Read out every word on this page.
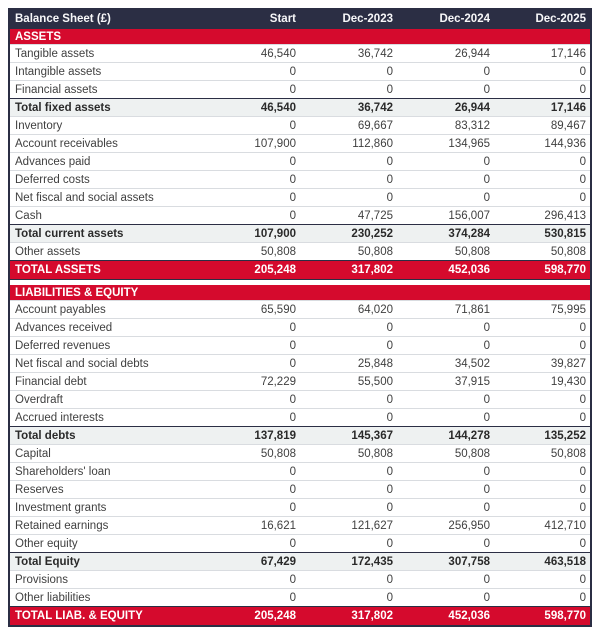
Balance Sheet (£)	Start	Dec-2023	Dec-2024	Dec-2025
ASSETS				
Tangible assets	46,540	36,742	26,944	17,146
Intangible assets	0	0	0	0
Financial assets	0	0	0	0
Total fixed assets	46,540	36,742	26,944	17,146
Inventory	0	69,667	83,312	89,467
Account receivables	107,900	112,860	134,965	144,936
Advances paid	0	0	0	0
Deferred costs	0	0	0	0
Net fiscal and social assets	0	0	0	0
Cash	0	47,725	156,007	296,413
Total current assets	107,900	230,252	374,284	530,815
Other assets	50,808	50,808	50,808	50,808
TOTAL ASSETS	205,248	317,802	452,036	598,770

LIABILITIES & EQUITY				
Account payables	65,590	64,020	71,861	75,995
Advances received	0	0	0	0
Deferred revenues	0	0	0	0
Net fiscal and social debts	0	25,848	34,502	39,827
Financial debt	72,229	55,500	37,915	19,430
Overdraft	0	0	0	0
Accrued interests	0	0	0	0
Total debts	137,819	145,367	144,278	135,252
Capital	50,808	50,808	50,808	50,808
Shareholders' loan	0	0	0	0
Reserves	0	0	0	0
Investment grants	0	0	0	0
Retained earnings	16,621	121,627	256,950	412,710
Other equity	0	0	0	0
Total Equity	67,429	172,435	307,758	463,518
Provisions	0	0	0	0
Other liabilities	0	0	0	0
TOTAL LIAB. & EQUITY	205,248	317,802	452,036	598,770
